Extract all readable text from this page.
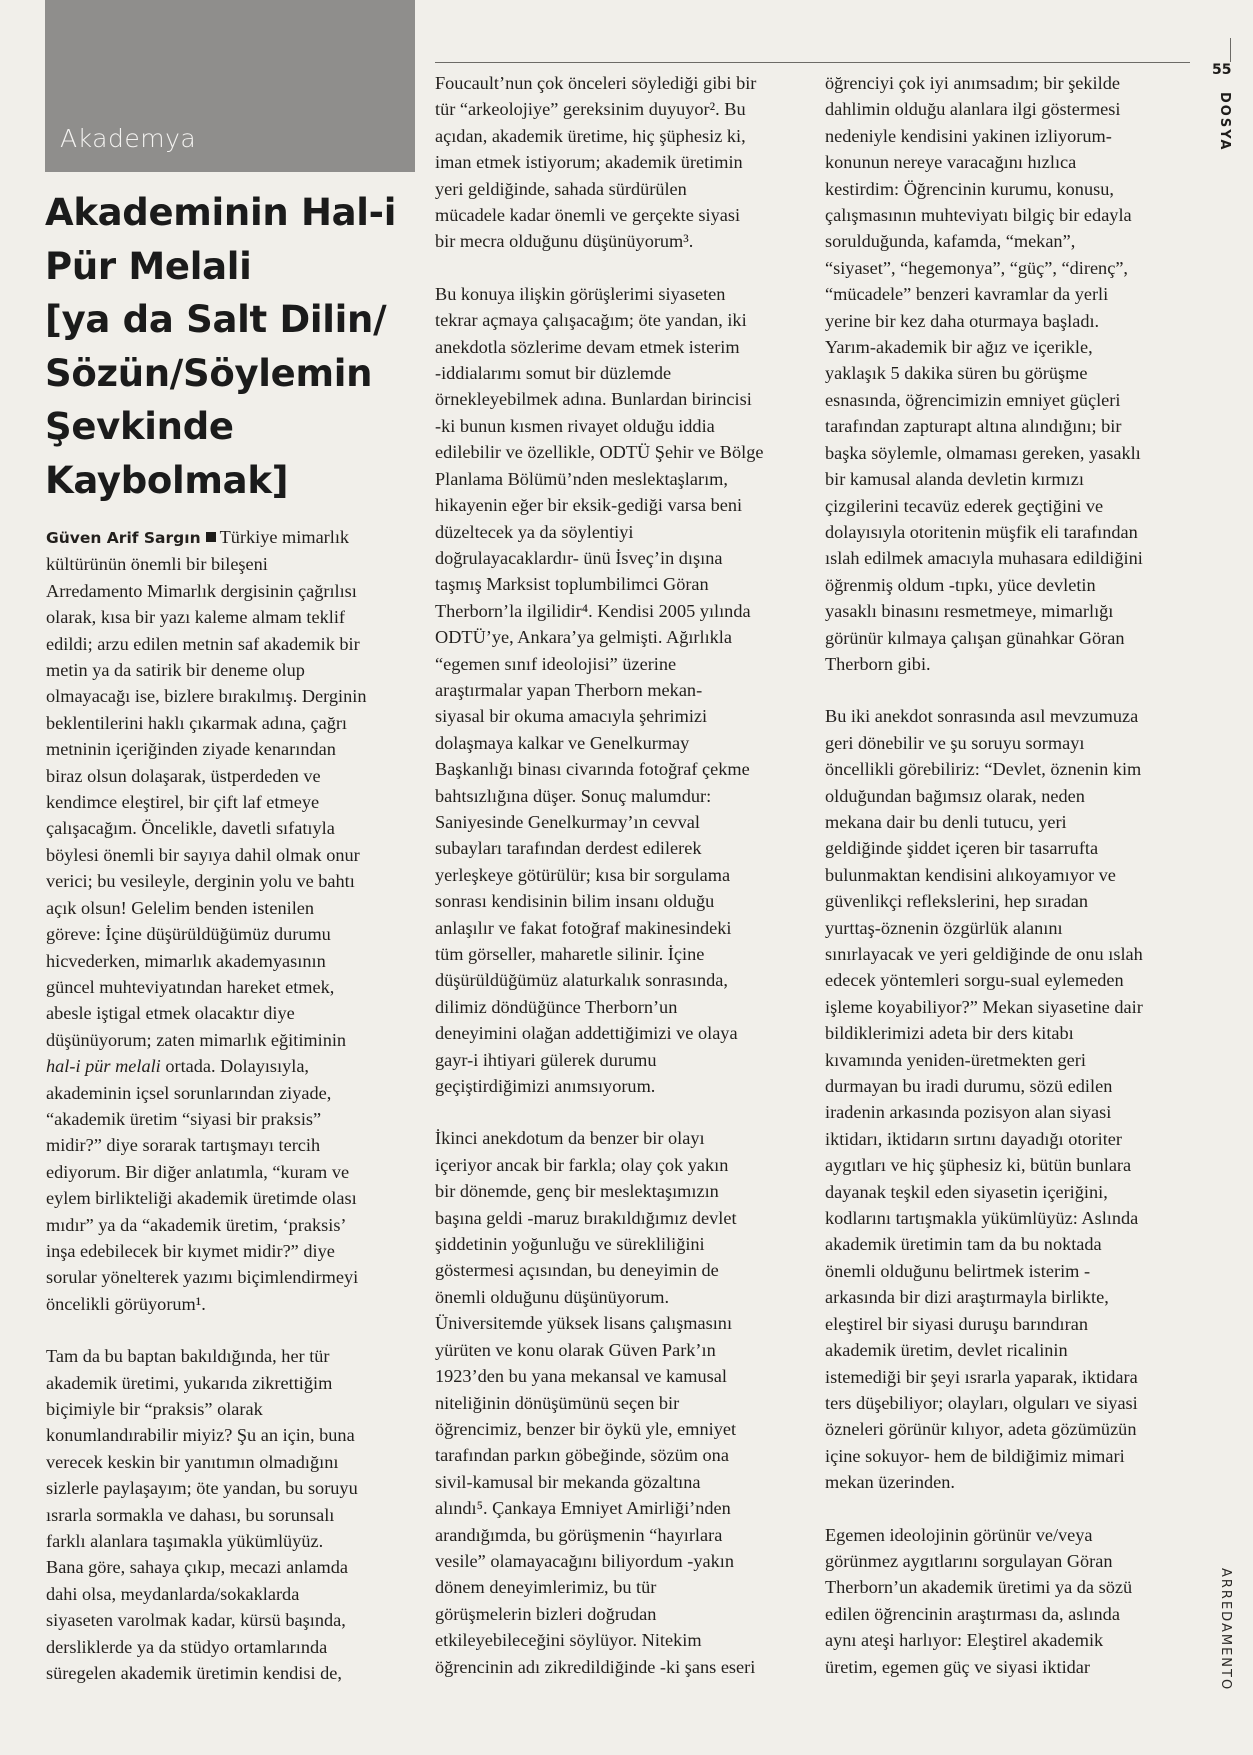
Akademya

Akademinin Hal-i
Pür Melali
[ya da Salt Dilin/
Sözün/Söylemin
Şevkinde
Kaybolmak]

55

DOSYA

ARREDAMENTO

Güven Arif Sargın Türkiye mimarlık
kültürünün önemli bir bileşeni
Arredamento Mimarlık dergisinin çağrılısı
olarak, kısa bir yazı kaleme almam teklif
edildi; arzu edilen metnin saf akademik bir
metin ya da satirik bir deneme olup
olmayacağı ise, bizlere bırakılmış. Derginin
beklentilerini haklı çıkarmak adına, çağrı
metninin içeriğinden ziyade kenarından
biraz olsun dolaşarak, üstperdeden ve
kendimce eleştirel, bir çift laf etmeye
çalışacağım. Öncelikle, davetli sıfatıyla
böylesi önemli bir sayıya dahil olmak onur
verici; bu vesileyle, derginin yolu ve bahtı
açık olsun! Gelelim benden istenilen
göreve: İçine düşürüldüğümüz durumu
hicvederken, mimarlık akademyasının
güncel muhteviyatından hareket etmek,
abesle iştigal etmek olacaktır diye
düşünüyorum; zaten mimarlık eğitiminin
hal-i pür melali ortada. Dolayısıyla,
akademinin içsel sorunlarından ziyade,
“akademik üretim “siyasi bir praksis”
midir?” diye sorarak tartışmayı tercih
ediyorum. Bir diğer anlatımla, “kuram ve
eylem birlikteliği akademik üretimde olası
mıdır” ya da “akademik üretim, ‘praksis’
inşa edebilecek bir kıymet midir?” diye
sorular yönelterek yazımı biçimlendirmeyi
öncelikli görüyorum¹.
Tam da bu baptan bakıldığında, her tür
akademik üretimi, yukarıda zikrettiğim
biçimiyle bir “praksis” olarak
konumlandırabilir miyiz? Şu an için, buna
verecek keskin bir yanıtımın olmadığını
sizlerle paylaşayım; öte yandan, bu soruyu
ısrarla sormakla ve dahası, bu sorunsalı
farklı alanlara taşımakla yükümlüyüz.
Bana göre, sahaya çıkıp, mecazi anlamda
dahi olsa, meydanlarda/sokaklarda
siyaseten varolmak kadar, kürsü başında,
dersliklerde ya da stüdyo ortamlarında
süregelen akademik üretimin kendisi de,
Foucault’nun çok önceleri söylediği gibi bir
tür “arkeolojiye” gereksinim duyuyor². Bu
açıdan, akademik üretime, hiç şüphesiz ki,
iman etmek istiyorum; akademik üretimin
yeri geldiğinde, sahada sürdürülen
mücadele kadar önemli ve gerçekte siyasi
bir mecra olduğunu düşünüyorum³.
Bu konuya ilişkin görüşlerimi siyaseten
tekrar açmaya çalışacağım; öte yandan, iki
anekdotla sözlerime devam etmek isterim
-iddialarımı somut bir düzlemde
örnekleyebilmek adına. Bunlardan birincisi
-ki bunun kısmen rivayet olduğu iddia
edilebilir ve özellikle, ODTÜ Şehir ve Bölge
Planlama Bölümü’nden meslektaşlarım,
hikayenin eğer bir eksik-gediği varsa beni
düzeltecek ya da söylentiyi
doğrulayacaklardır- ünü İsveç’in dışına
taşmış Marksist toplumbilimci Göran
Therborn’la ilgilidir⁴. Kendisi 2005 yılında
ODTÜ’ye, Ankara’ya gelmişti. Ağırlıkla
“egemen sınıf ideolojisi” üzerine
araştırmalar yapan Therborn mekan-
siyasal bir okuma amacıyla şehrimizi
dolaşmaya kalkar ve Genelkurmay
Başkanlığı binası civarında fotoğraf çekme
bahtsızlığına düşer. Sonuç malumdur:
Saniyesinde Genelkurmay’ın cevval
subayları tarafından derdest edilerek
yerleşkeye götürülür; kısa bir sorgulama
sonrası kendisinin bilim insanı olduğu
anlaşılır ve fakat fotoğraf makinesindeki
tüm görseller, maharetle silinir. İçine
düşürüldüğümüz alaturkalık sonrasında,
dilimiz döndüğünce Therborn’un
deneyimini olağan addettiğimizi ve olaya
gayr-i ihtiyari gülerek durumu
geçiştirdiğimizi anımsıyorum.
İkinci anekdotum da benzer bir olayı
içeriyor ancak bir farkla; olay çok yakın
bir dönemde, genç bir meslektaşımızın
başına geldi -maruz bırakıldığımız devlet
şiddetinin yoğunluğu ve sürekliliğini
göstermesi açısından, bu deneyimin de
önemli olduğunu düşünüyorum.
Üniversitemde yüksek lisans çalışmasını
yürüten ve konu olarak Güven Park’ın
1923’den bu yana mekansal ve kamusal
niteliğinin dönüşümünü seçen bir
öğrencimiz, benzer bir öykü yle, emniyet
tarafından parkın göbeğinde, sözüm ona
sivil-kamusal bir mekanda gözaltına
alındı⁵. Çankaya Emniyet Amirliği’nden
arandığımda, bu görüşmenin “hayırlara
vesile” olamayacağını biliyordum -yakın
dönem deneyimlerimiz, bu tür
görüşmelerin bizleri doğrudan
etkileyebileceğini söylüyor. Nitekim
öğrencinin adı zikredildiğinde -ki şans eseri
öğrenciyi çok iyi anımsadım; bir şekilde
dahlimin olduğu alanlara ilgi göstermesi
nedeniyle kendisini yakinen izliyorum-
konunun nereye varacağını hızlıca
kestirdim: Öğrencinin kurumu, konusu,
çalışmasının muhteviyatı bilgiç bir edayla
sorulduğunda, kafamda, “mekan”,
“siyaset”, “hegemonya”, “güç”, “direnç”,
“mücadele” benzeri kavramlar da yerli
yerine bir kez daha oturmaya başladı.
Yarım-akademik bir ağız ve içerikle,
yaklaşık 5 dakika süren bu görüşme
esnasında, öğrencimizin emniyet güçleri
tarafından zapturapt altına alındığını; bir
başka söylemle, olmaması gereken, yasaklı
bir kamusal alanda devletin kırmızı
çizgilerini tecavüz ederek geçtiğini ve
dolayısıyla otoritenin müşfik eli tarafından
ıslah edilmek amacıyla muhasara edildiğini
öğrenmiş oldum -tıpkı, yüce devletin
yasaklı binasını resmetmeye, mimarlığı
görünür kılmaya çalışan günahkar Göran
Therborn gibi.
Bu iki anekdot sonrasında asıl mevzumuza
geri dönebilir ve şu soruyu sormayı
öncellikli görebiliriz: “Devlet, öznenin kim
olduğundan bağımsız olarak, neden
mekana dair bu denli tutucu, yeri
geldiğinde şiddet içeren bir tasarrufta
bulunmaktan kendisini alıkoyamıyor ve
güvenlikçi reflekslerini, hep sıradan
yurttaş-öznenin özgürlük alanını
sınırlayacak ve yeri geldiğinde de onu ıslah
edecek yöntemleri sorgu-sual eylemeden
işleme koyabiliyor?” Mekan siyasetine dair
bildiklerimizi adeta bir ders kitabı
kıvamında yeniden-üretmekten geri
durmayan bu iradi durumu, sözü edilen
iradenin arkasında pozisyon alan siyasi
iktidarı, iktidarın sırtını dayadığı otoriter
aygıtları ve hiç şüphesiz ki, bütün bunlara
dayanak teşkil eden siyasetin içeriğini,
kodlarını tartışmakla yükümlüyüz: Aslında
akademik üretimin tam da bu noktada
önemli olduğunu belirtmek isterim -
arkasında bir dizi araştırmayla birlikte,
eleştirel bir siyasi duruşu barındıran
akademik üretim, devlet ricalinin
istemediği bir şeyi ısrarla yaparak, iktidara
ters düşebiliyor; olayları, olguları ve siyasi
özneleri görünür kılıyor, adeta gözümüzün
içine sokuyor- hem de bildiğimiz mimari
mekan üzerinden.
Egemen ideolojinin görünür ve/veya
görünmez aygıtlarını sorgulayan Göran
Therborn’un akademik üretimi ya da sözü
edilen öğrencinin araştırması da, aslında
aynı ateşi harlıyor: Eleştirel akademik
üretim, egemen güç ve siyasi iktidar
